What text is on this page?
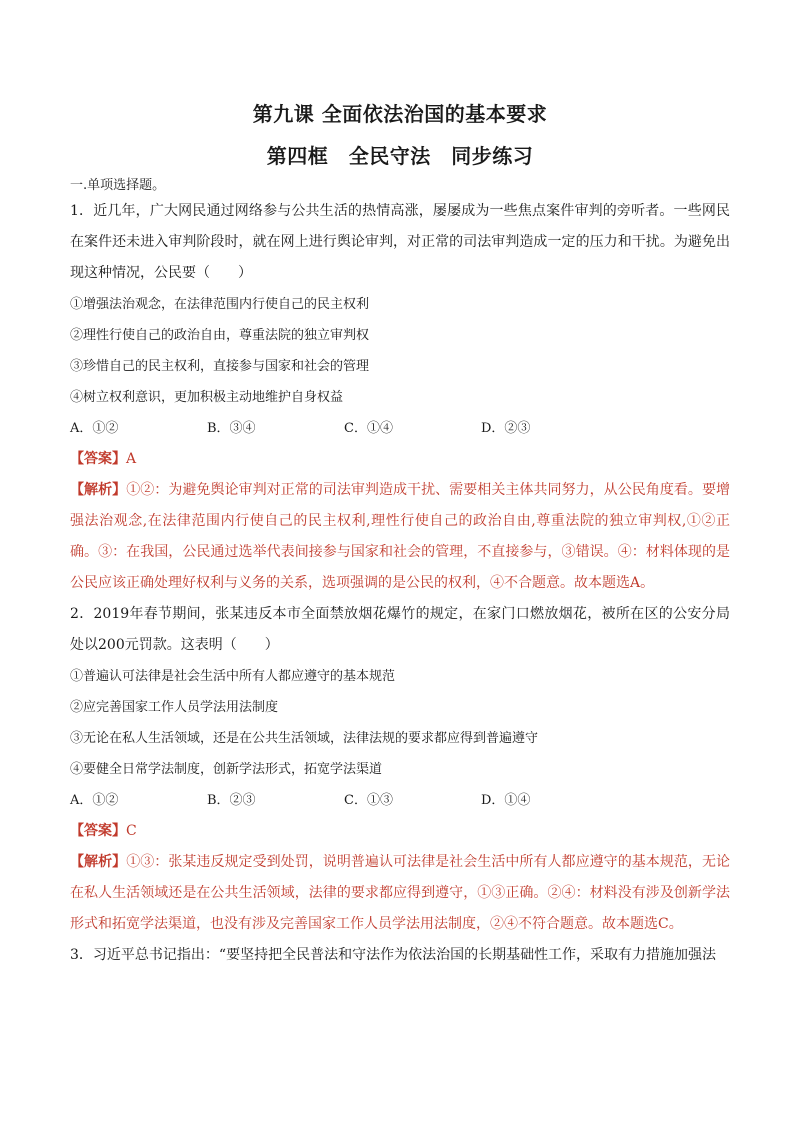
第九课 全面依法治国的基本要求
第四框　全民守法　同步练习
一.单项选择题。
1．近几年，广大网民通过网络参与公共生活的热情高涨，屡屡成为一些焦点案件审判的旁听者。一些网民在案件还未进入审判阶段时，就在网上进行舆论审判，对正常的司法审判造成一定的压力和干扰。为避免出现这种情况，公民要（　　）
①增强法治观念，在法律范围内行使自己的民主权利
②理性行使自己的政治自由，尊重法院的独立审判权
③珍惜自己的民主权利，直接参与国家和社会的管理
④树立权利意识，更加积极主动地维护自身权益
A．①②	B．③④	C．①④	D．②③
【答案】A
【解析】①②：为避免舆论审判对正常的司法审判造成干扰、需要相关主体共同努力，从公民角度看。要增强法治观念,在法律范围内行使自己的民主权利,理性行使自己的政治自由,尊重法院的独立审判权,①②正确。③：在我国，公民通过选举代表间接参与国家和社会的管理，不直接参与，③错误。④：材料体现的是公民应该正确处理好权利与义务的关系，选项强调的是公民的权利，④不合题意。故本题选A。
2．2019年春节期间，张某违反本市全面禁放烟花爆竹的规定，在家门口燃放烟花，被所在区的公安分局处以200元罚款。这表明（　　）
①普遍认可法律是社会生活中所有人都应遵守的基本规范
②应完善国家工作人员学法用法制度
③无论在私人生活领域，还是在公共生活领域，法律法规的要求都应得到普遍遵守
④要健全日常学法制度，创新学法形式，拓宽学法渠道
A．①②	B．②③	C．①③	D．①④
【答案】C
【解析】①③：张某违反规定受到处罚，说明普遍认可法律是社会生活中所有人都应遵守的基本规范，无论在私人生活领域还是在公共生活领域，法律的要求都应得到遵守，①③正确。②④：材料没有涉及创新学法形式和拓宽学法渠道，也没有涉及完善国家工作人员学法用法制度，②④不符合题意。故本题选C。
3．习近平总书记指出：“要坚持把全民普法和守法作为依法治国的长期基础性工作，采取有力措施加强法
